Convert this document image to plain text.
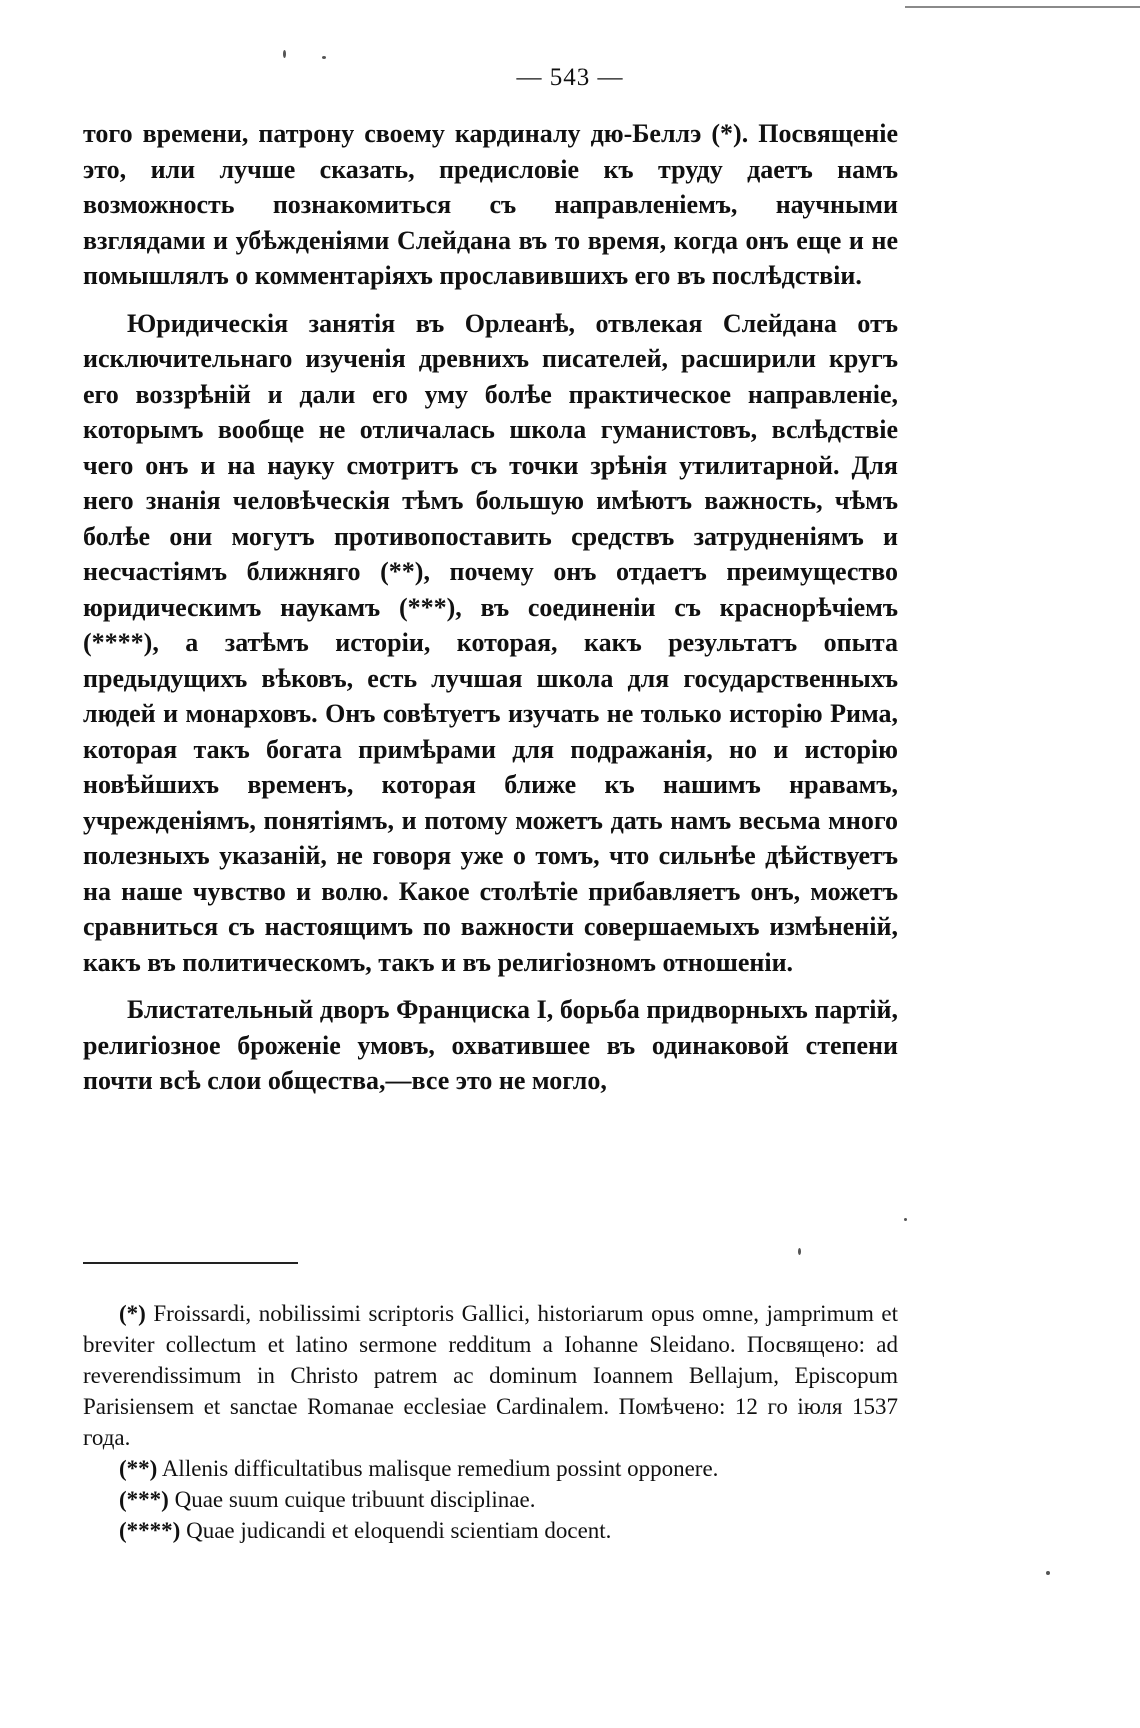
— 543 —

того времени, патрону своему кардиналу дю-Беллэ (*). Посвященіе это, или лучше сказать, предисловіе къ труду даетъ намъ возможность познакомиться съ направленіемъ, научными взглядами и убѣжденіями Слейдана въ то время, когда онъ еще и не помышлялъ о комментаріяхъ прославившихъ его въ послѣдствіи.

Юридическія занятія въ Орлеанѣ, отвлекая Слейдана отъ исключительнаго изученія древнихъ писателей, расширили кругъ его воззрѣній и дали его уму болѣе практическое направленіе, которымъ вообще не отличалась школа гуманистовъ, вслѣдствіе чего онъ и на науку смотритъ съ точки зрѣнія утилитарной. Для него знанія человѣческія тѣмъ большую имѣютъ важность, чѣмъ болѣе они могутъ противопоставить средствъ затрудненіямъ и несчастіямъ ближняго (**), почему онъ отдаетъ преимущество юридическимъ наукамъ (***), въ соединеніи съ краснорѣчіемъ (****), а затѣмъ исторіи, которая, какъ результатъ опыта предыдущихъ вѣковъ, есть лучшая школа для государственныхъ людей и монарховъ. Онъ совѣтуетъ изучать не только исторію Рима, которая такъ богата примѣрами для подражанія, но и исторію новѣйшихъ временъ, которая ближе къ нашимъ нравамъ, учрежденіямъ, понятіямъ, и потому можетъ дать намъ весьма много полезныхъ указаній, не говоря уже о томъ, что сильнѣе дѣйствуетъ на наше чувство и волю. Какое столѣтіе прибавляетъ онъ, можетъ сравниться съ настоящимъ по важности совершаемыхъ измѣненій, какъ въ политическомъ, такъ и въ религіозномъ отношеніи.

Блистательный дворъ Франциска I, борьба придворныхъ партій, религіозное броженіе умовъ, охватившее въ одинаковой степени почти всѣ слои общества,—все это не могло,

(*) Froissardi, nobilissimi scriptoris Gallici, historiarum opus omne, jamprimum et breviter collectum et latino sermone redditum a Iohanne Sleidano. Посвящено: ad reverendissimum in Christo patrem ac dominum Ioannem Bellajum, Episcopum Parisiensem et sanctae Romanae ecclesiae Cardinalem. Помѣчено: 12 го іюля 1537 года.

(**) Allenis difficultatibus malisque remedium possint opponere.

(***) Quae suum cuique tribuunt disciplinae.

(****) Quae judicandi et eloquendi scientiam docent.
